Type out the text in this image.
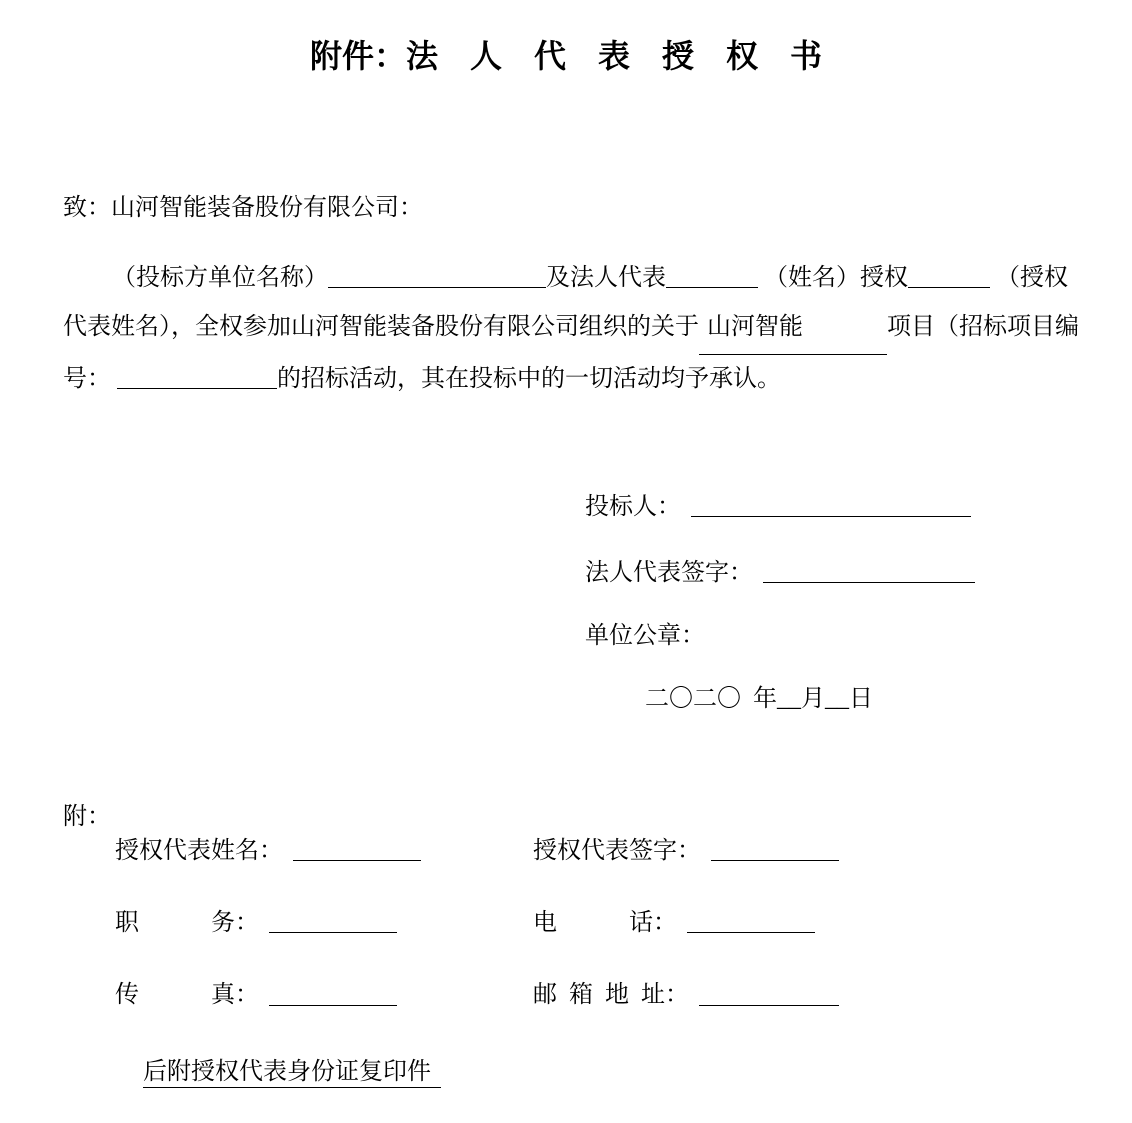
附件：法　人　代　表　授　权　书

致：山河智能装备股份有限公司：

（投标方单位名称）	及法人代表	（姓名）授权	（授权代表姓名），全权参加山河智能装备股份有限公司组织的关于 山河智能	项目（招标项目编号：	的招标活动，其在投标中的一切活动均予承认。

投标人：
法人代表签字：
单位公章：
二〇二〇 年__月__日

附：

授权代表姓名：	授权代表签字：
职　　　务：	电　　　话：
传　　　真：	邮 箱 地 址：

后附授权代表身份证复印件
